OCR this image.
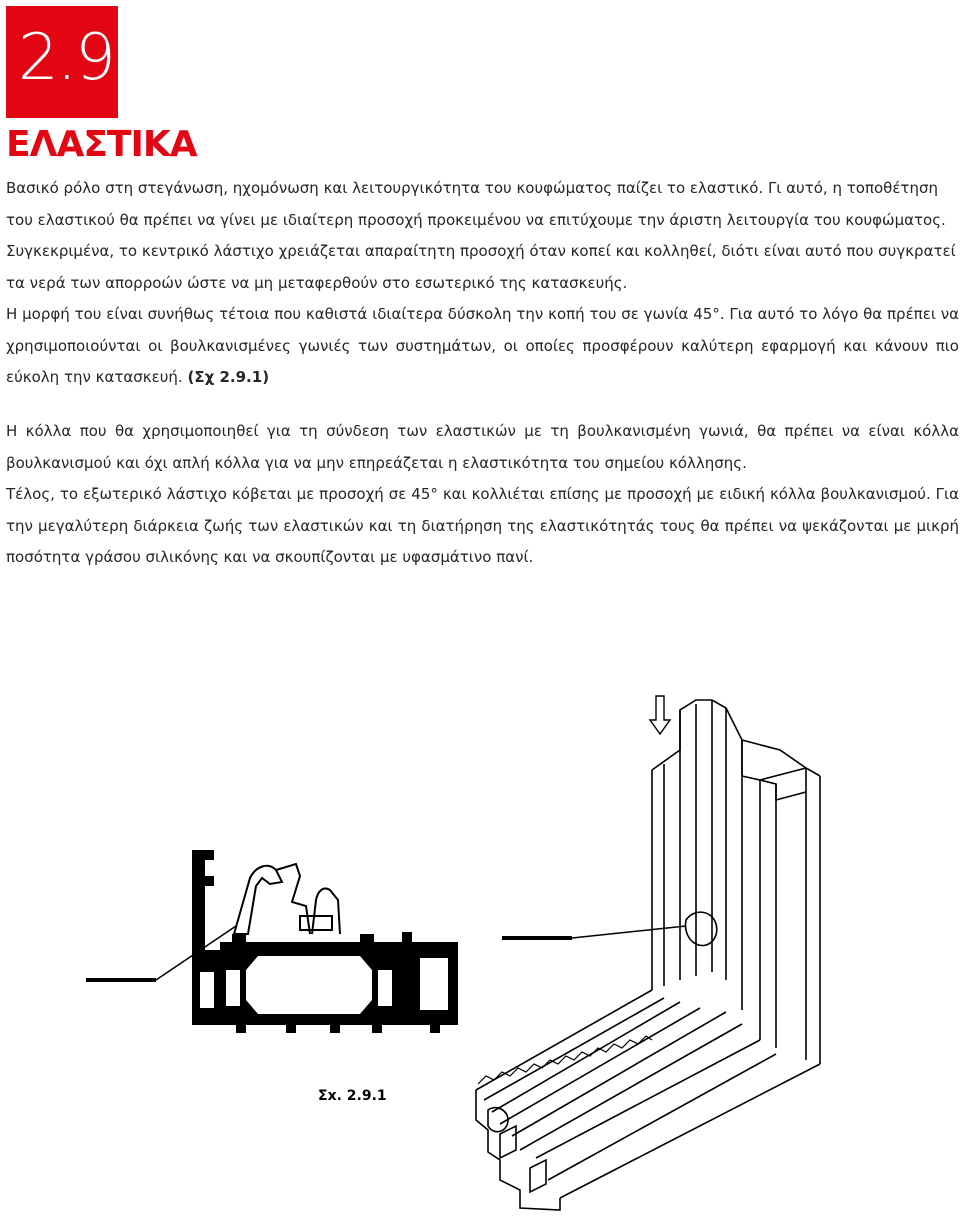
2.9
ΕΛΑΣΤΙΚΑ

Βασικό ρόλο στη στεγάνωση, ηχομόνωση και λειτουργικότητα του κουφώματος παίζει το ελαστικό. Γι αυτό, η τοποθέτηση του ελαστικού θα πρέπει να γίνει με ιδιαίτερη προσοχή προκειμένου να επιτύχουμε την άριστη λειτουργία του κουφώματος. Συγκεκριμένα, το κεντρικό λάστιχο χρειάζεται απαραίτητη προσοχή όταν κοπεί και κολληθεί, διότι είναι αυτό που συγκρατεί τα νερά των απορροών ώστε να μη μεταφερθούν στο εσωτερικό της κατασκευής.

Η μορφή του είναι συνήθως τέτοια που καθιστά ιδιαίτερα δύσκολη την κοπή του σε γωνία 45°. Για αυτό το λόγο θα πρέπει να χρησιμοποιούνται οι βουλκανισμένες γωνιές των συστημάτων, οι οποίες προσφέρουν καλύτερη εφαρμογή και κάνουν πιο εύκολη την κατασκευή. (Σχ 2.9.1)

Η κόλλα που θα χρησιμοποιηθεί για τη σύνδεση των ελαστικών με τη βουλκανισμένη γωνιά, θα πρέπει να είναι κόλλα βουλκανισμού και όχι απλή κόλλα για να μην επηρεάζεται η ελαστικότητα του σημείου κόλλησης.

Τέλος, το εξωτερικό λάστιχο κόβεται με προσοχή σε 45° και κολλιέται επίσης με προσοχή με ειδική κόλλα βουλκανισμού. Για την μεγαλύτερη διάρκεια ζωής των ελαστικών και τη διατήρηση της ελαστικότητάς τους θα πρέπει να ψεκάζονται με μικρή ποσότητα γράσου σιλικόνης και να σκουπίζονται με υφασμάτινο πανί.

Σx. 2.9.1
